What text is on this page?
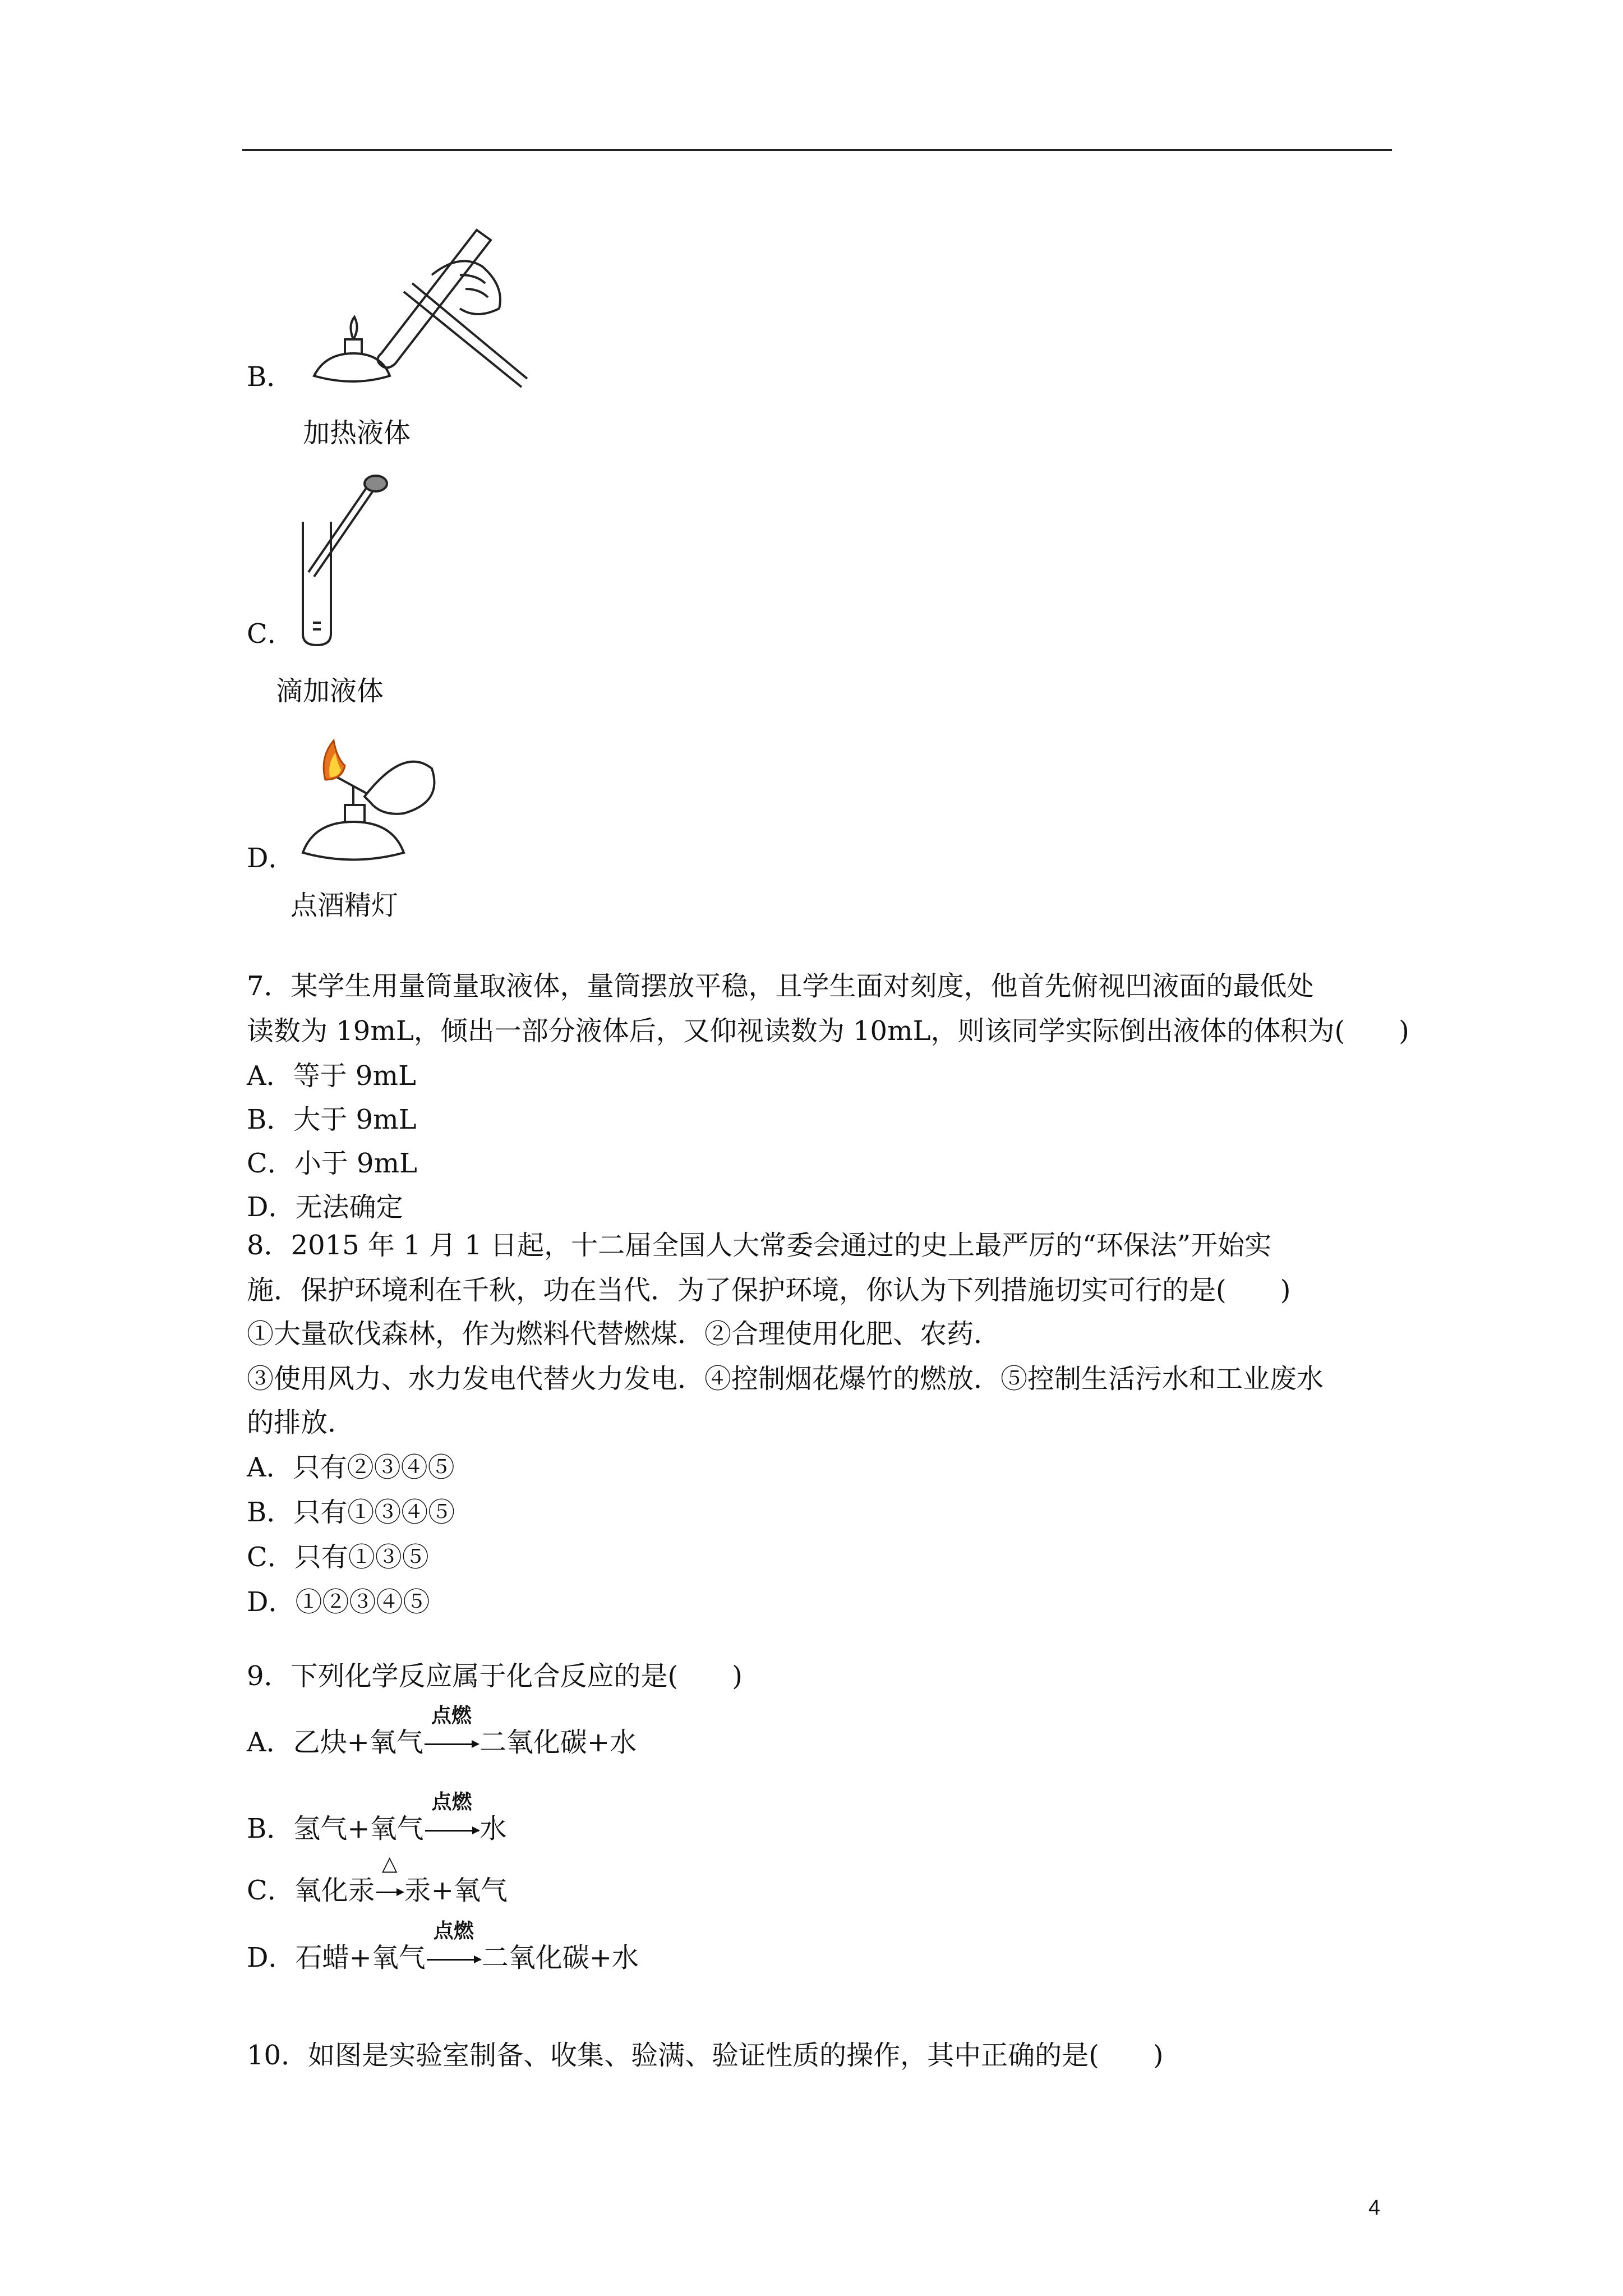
B．
加热液体
C．
滴加液体
D．
点酒精灯
7．某学生用量筒量取液体，量筒摆放平稳，且学生面对刻度，他首先俯视凹液面的最低处
读数为 19mL，倾出一部分液体后，又仰视读数为 10mL，则该同学实际倒出液体的体积为(　　)
A．等于 9mL
B．大于 9mL
C．小于 9mL
D．无法确定
8．2015 年 1 月 1 日起，十二届全国人大常委会通过的史上最严厉的“环保法”开始实
施．保护环境利在千秋，功在当代．为了保护环境，你认为下列措施切实可行的是(　　)
①大量砍伐森林，作为燃料代替燃煤．②合理使用化肥、农药．
③使用风力、水力发电代替火力发电．④控制烟花爆竹的燃放．⑤控制生活污水和工业废水
的排放．
A．只有②③④⑤
B．只有①③④⑤
C．只有①③⑤
D．①②③④⑤
9．下列化学反应属于化合反应的是(　　)
A．乙炔+氧气
点燃
二氧化碳+水
B．氢气+氧气
点燃
水
C．氧化汞
△
汞+氧气
D．石蜡+氧气
点燃
二氧化碳+水
10．如图是实验室制备、收集、验满、验证性质的操作，其中正确的是(　　)
4
